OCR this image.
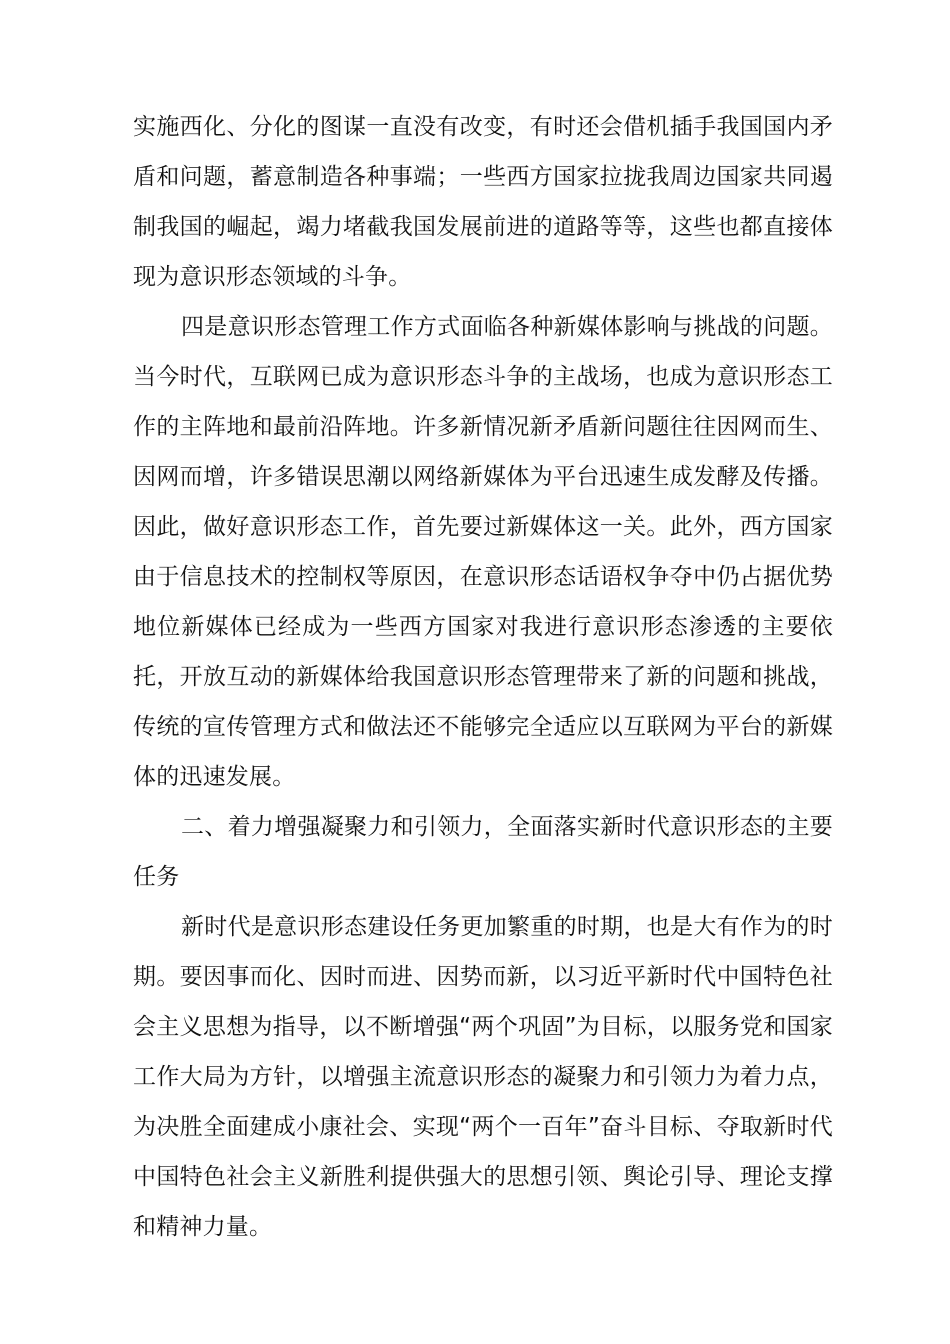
实施西化、分化的图谋一直没有改变，有时还会借机插手我国国内矛盾和问题，蓄意制造各种事端；一些西方国家拉拢我周边国家共同遏制我国的崛起，竭力堵截我国发展前进的道路等等，这些也都直接体现为意识形态领域的斗争。

四是意识形态管理工作方式面临各种新媒体影响与挑战的问题。当今时代，互联网已成为意识形态斗争的主战场，也成为意识形态工作的主阵地和最前沿阵地。许多新情况新矛盾新问题往往因网而生、因网而增，许多错误思潮以网络新媒体为平台迅速生成发酵及传播。因此，做好意识形态工作，首先要过新媒体这一关。此外，西方国家由于信息技术的控制权等原因，在意识形态话语权争夺中仍占据优势地位新媒体已经成为一些西方国家对我进行意识形态渗透的主要依托，开放互动的新媒体给我国意识形态管理带来了新的问题和挑战，传统的宣传管理方式和做法还不能够完全适应以互联网为平台的新媒体的迅速发展。

二、着力增强凝聚力和引领力，全面落实新时代意识形态的主要任务

新时代是意识形态建设任务更加繁重的时期，也是大有作为的时期。要因事而化、因时而进、因势而新，以习近平新时代中国特色社会主义思想为指导，以不断增强“两个巩固”为目标，以服务党和国家工作大局为方针，以增强主流意识形态的凝聚力和引领力为着力点，为决胜全面建成小康社会、实现“两个一百年”奋斗目标、夺取新时代中国特色社会主义新胜利提供强大的思想引领、舆论引导、理论支撑和精神力量。
